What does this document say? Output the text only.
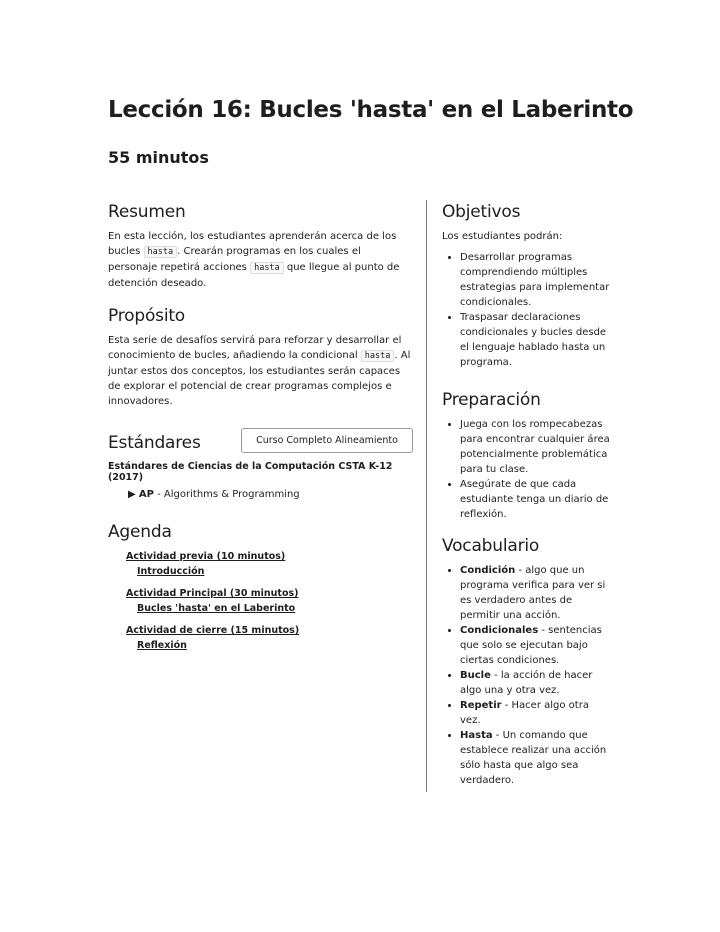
Lección 16: Bucles 'hasta' en el Laberinto
55 minutos
Resumen

En esta lección, los estudiantes aprenderán acerca de los bucles hasta . Crearán programas en los cuales el personaje repetirá acciones hasta que llegue al punto de detención deseado.

Propósito

Esta serie de desafíos servirá para reforzar y desarrollar el conocimiento de bucles, añadiendo la condicional hasta . Al juntar estos dos conceptos, los estudiantes serán capaces de explorar el potencial de crear programas complejos e innovadores.

Estándares	Curso Completo Alineamiento
Estándares de Ciencias de la Computación CSTA K-12 (2017)
▶ AP - Algorithms & Programming
Agenda
Actividad previa (10 minutos)
Introducción
Actividad Principal (30 minutos)
Bucles 'hasta' en el Laberinto
Actividad de cierre (15 minutos)
Reflexión
Objetivos

Los estudiantes podrán:

• Desarrollar programas comprendiendo múltiples estrategias para implementar condicionales.
• Traspasar declaraciones condicionales y bucles desde el lenguaje hablado hasta un programa.
Preparación
• Juega con los rompecabezas para encontrar cualquier área potencialmente problemática para tu clase.
• Asegúrate de que cada estudiante tenga un diario de reflexión.
Vocabulario
• Condición - algo que un programa verifica para ver si es verdadero antes de permitir una acción.
• Condicionales - sentencias que solo se ejecutan bajo ciertas condiciones.
• Bucle - la acción de hacer algo una y otra vez.
• Repetir - Hacer algo otra vez.
• Hasta - Un comando que establece realizar una acción sólo hasta que algo sea verdadero.
